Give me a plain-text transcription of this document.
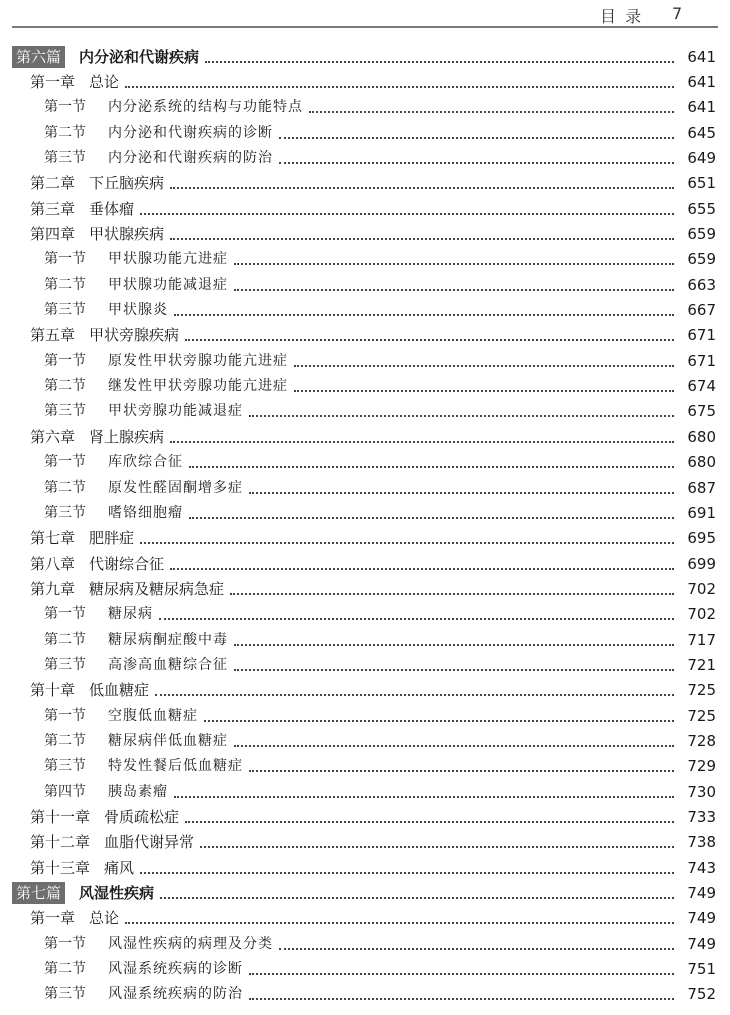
目 录 7
第六篇 内分泌和代谢疾病	641
第一章 总论	641
第一节 内分泌系统的结构与功能特点	641
第二节 内分泌和代谢疾病的诊断	645
第三节 内分泌和代谢疾病的防治	649
第二章 下丘脑疾病	651
第三章 垂体瘤	655
第四章 甲状腺疾病	659
第一节 甲状腺功能亢进症	659
第二节 甲状腺功能减退症	663
第三节 甲状腺炎	667
第五章 甲状旁腺疾病	671
第一节 原发性甲状旁腺功能亢进症	671
第二节 继发性甲状旁腺功能亢进症	674
第三节 甲状旁腺功能减退症	675
第六章 肾上腺疾病	680
第一节 库欣综合征	680
第二节 原发性醛固酮增多症	687
第三节 嗜铬细胞瘤	691
第七章 肥胖症	695
第八章 代谢综合征	699
第九章 糖尿病及糖尿病急症	702
第一节 糖尿病	702
第二节 糖尿病酮症酸中毒	717
第三节 高渗高血糖综合征	721
第十章 低血糖症	725
第一节 空腹低血糖症	725
第二节 糖尿病伴低血糖症	728
第三节 特发性餐后低血糖症	729
第四节 胰岛素瘤	730
第十一章 骨质疏松症	733
第十二章 血脂代谢异常	738
第十三章 痛风	743
第七篇 风湿性疾病	749
第一章 总论	749
第一节 风湿性疾病的病理及分类	749
第二节 风湿系统疾病的诊断	751
第三节 风湿系统疾病的防治	752
